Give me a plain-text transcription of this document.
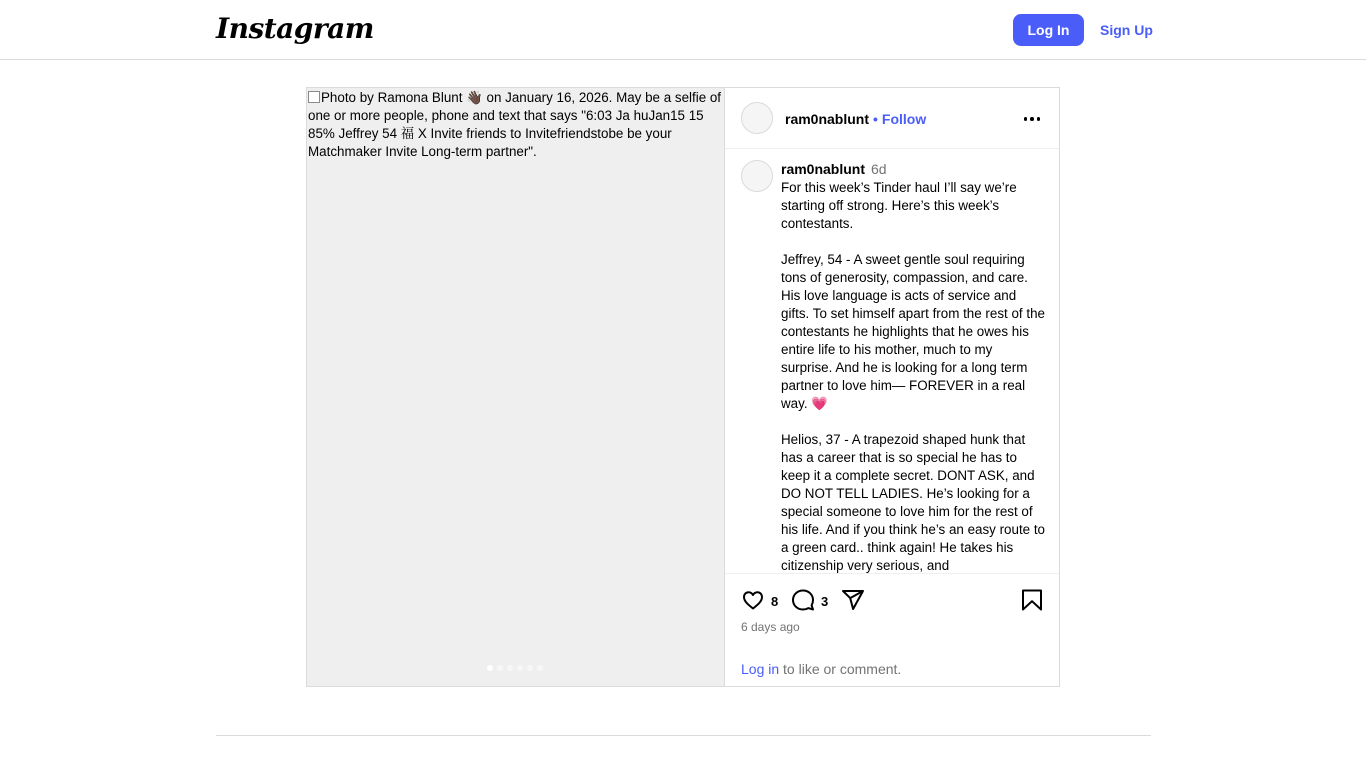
Instagram	Log In	Sign Up
Photo by Ramona Blunt 👋🏿 on January 16, 2026. May be a selfie of one or more people, phone and text that says "6:03 Ja huJan15 15 85% Jeffrey 54 福 X Invite friends to Invitefriendstobe be your Matchmaker Invite Long-term partner".
ram0nablunt • Follow
ram0nablunt 6d
For this week’s Tinder haul I’ll say we’re starting off strong. Here’s this week’s contestants.

Jeffrey, 54 - A sweet gentle soul requiring tons of generosity, compassion, and care. His love language is acts of service and gifts. To set himself apart from the rest of the contestants he highlights that he owes his entire life to his mother, much to my surprise. And he is looking for a long term partner to love him— FOREVER in a real way. 💗

Helios, 37 - A trapezoid shaped hunk that has a career that is so special he has to keep it a complete secret. DONT ASK, and DO NOT TELL LADIES. He’s looking for a special someone to love him for the rest of his life. And if you think he’s an easy route to a green card.. think again! He takes his citizenship very serious, and
8	3
6 days ago
Log in to like or comment.
